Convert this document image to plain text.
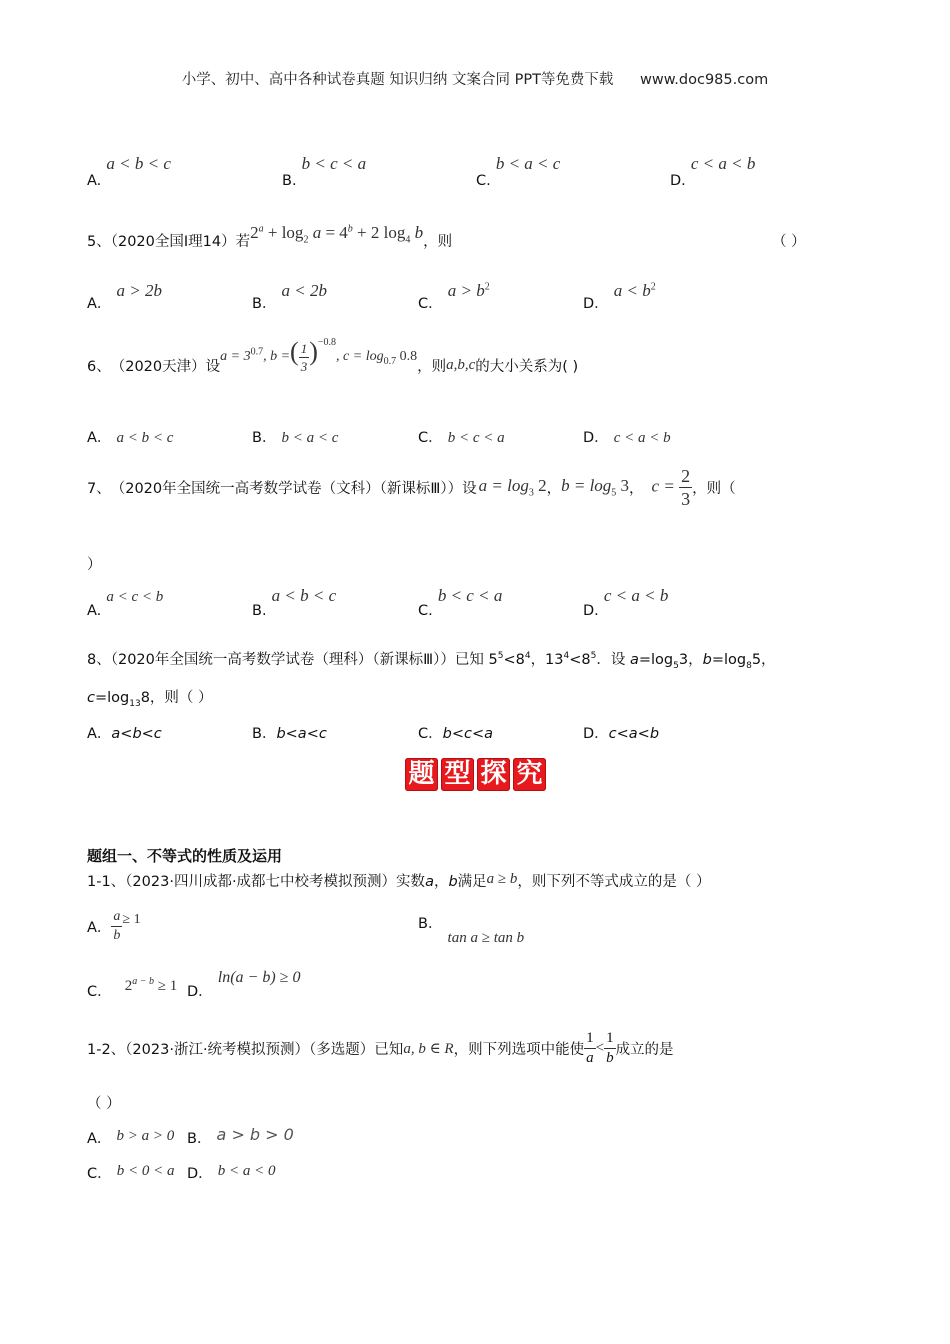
小学、初中、高中各种试卷真题 知识归纳 文案合同 PPT等免费下载 www.doc985.com
A. a < b < c
B. b < c < a
C. b < a < c
D. c < a < b
5、（2020全国I理14）若$2^a + \log_2 a = 4^b + 2$ $\log_4 b$，则	（ ）
A． a > 2b
B． a < 2b
C． $a > b^2$
D． $a < b^2$
6、 （2020天津）设
$a = 3^{0.7}$, b =( $\frac{1}{3} )^{-0.8}$, $c = \log_{0.7} 0.8$
，则 a,b,c 的大小关系为( )
A． a < b < c	B． b < a < c	C． b < c < a	D． c < a < b
7、 （2020年全国统一高考数学试卷（文科）（新课标Ⅲ））设 $a = \log_3 2$ ， $b = \log_5 3$ ， $c = \frac{2}{3}$ ，则（
）
A. a < c < b
B. a < b < c
C. b < c < a
D. c < a < b
8、（2020年全国统一高考数学试卷（理科）（新课标Ⅲ））已知 $5^5<8^4$，$13^4<8^5$．设 $a=\log_53$，$b=\log_85$，
$c=\log_{13}8$，则（ ）
A．a<b<c	B．b<a<c	C．b<c<a	D．c<a<b
题 型 探 究
题组一、不等式的性质及运用
1-1、（2023·四川成都·成都七中校考模拟预测）实数a，b满足a ≥ b，则下列不等式成立的是（ ）
A． $\frac{a}{b} \ge 1$	B． tan a ≥ tan b
C． $2^{a - b} \ge 1$ D． ln(a − b) ≥ 0
1-2、（2023·浙江·统考模拟预测）（多选题）已知 a, b ∈ R ，则下列选项中能使 $\frac{1}{a} < \frac{1}{b}$ 成立的是
（ ）
A． b > a > 0 B． a > b > 0
C． b < 0 < a D． b < a < 0
